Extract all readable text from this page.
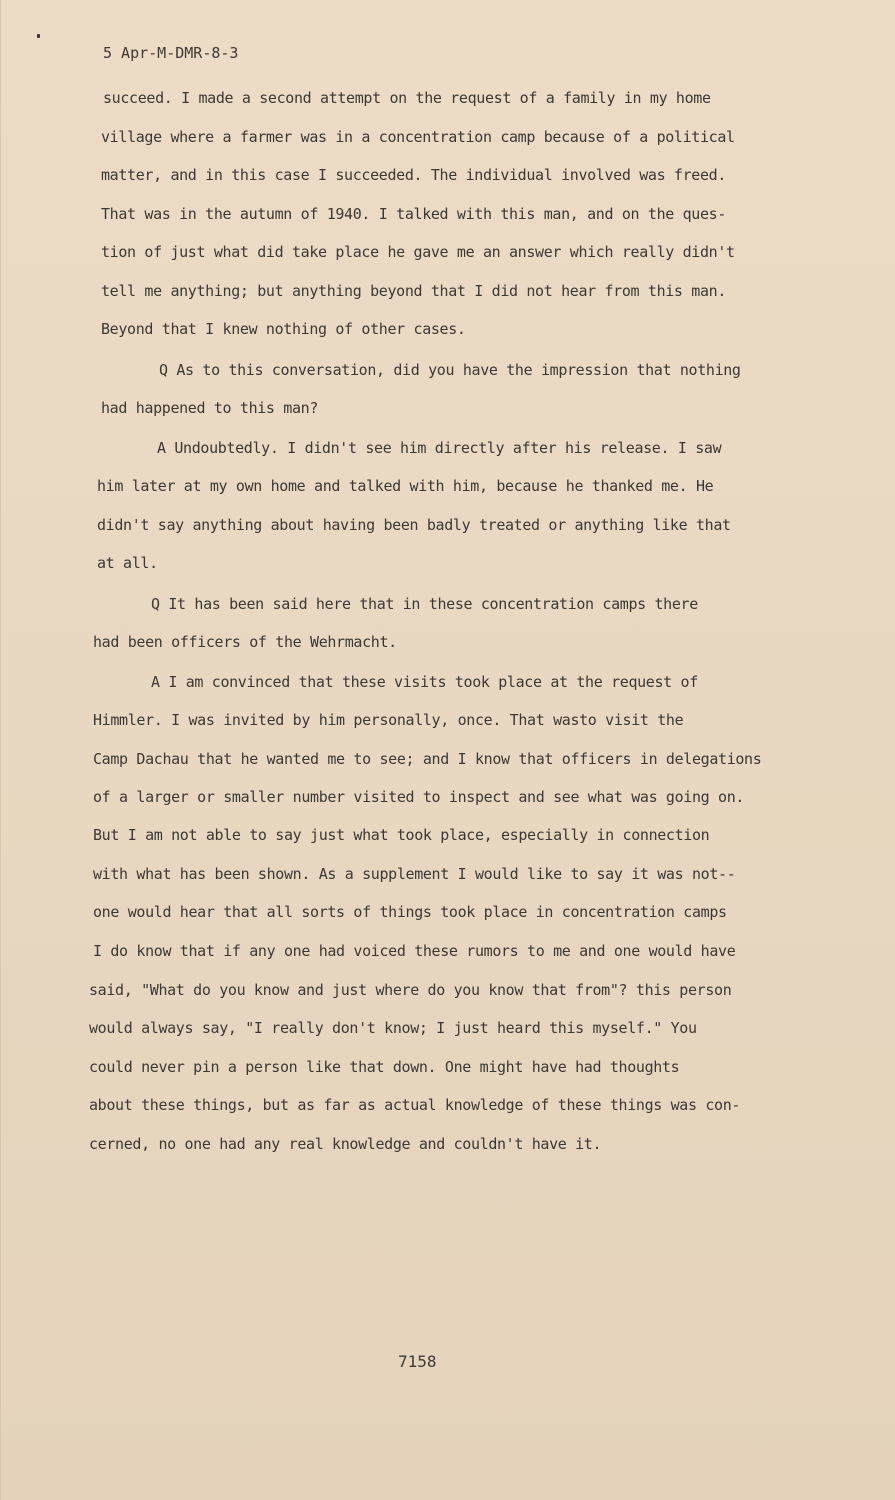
5 Apr-M-DMR-8-3
succeed. I made a second attempt on the request of a family in my home
village where a farmer was in a concentration camp because of a political
matter, and in this case I succeeded. The individual involved was freed.
That was in the autumn of 1940. I talked with this man, and on the ques-
tion of just what did take place he gave me an answer which really didn't
tell me anything; but anything beyond that I did not hear from this man.
Beyond that I knew nothing of other cases.
Q As to this conversation, did you have the impression that nothing
had happened to this man?
A Undoubtedly. I didn't see him directly after his release. I saw
him later at my own home and talked with him, because he thanked me. He
didn't say anything about having been badly treated or anything like that
at all.
Q It has been said here that in these concentration camps there
had been officers of the Wehrmacht.
A I am convinced that these visits took place at the request of
Himmler. I was invited by him personally, once. That wasto visit the
Camp Dachau that he wanted me to see; and I know that officers in delegations
of a larger or smaller number visited to inspect and see what was going on.
But I am not able to say just what took place, especially in connection
with what has been shown. As a supplement I would like to say it was not--
one would hear that all sorts of things took place in concentration camps
I do know that if any one had voiced these rumors to me and one would have
said, "What do you know and just where do you know that from"? this person
would always say, "I really don't know; I just heard this myself." You
could never pin a person like that down. One might have had thoughts
about these things, but as far as actual knowledge of these things was con-
cerned, no one had any real knowledge and couldn't have it.
7158
